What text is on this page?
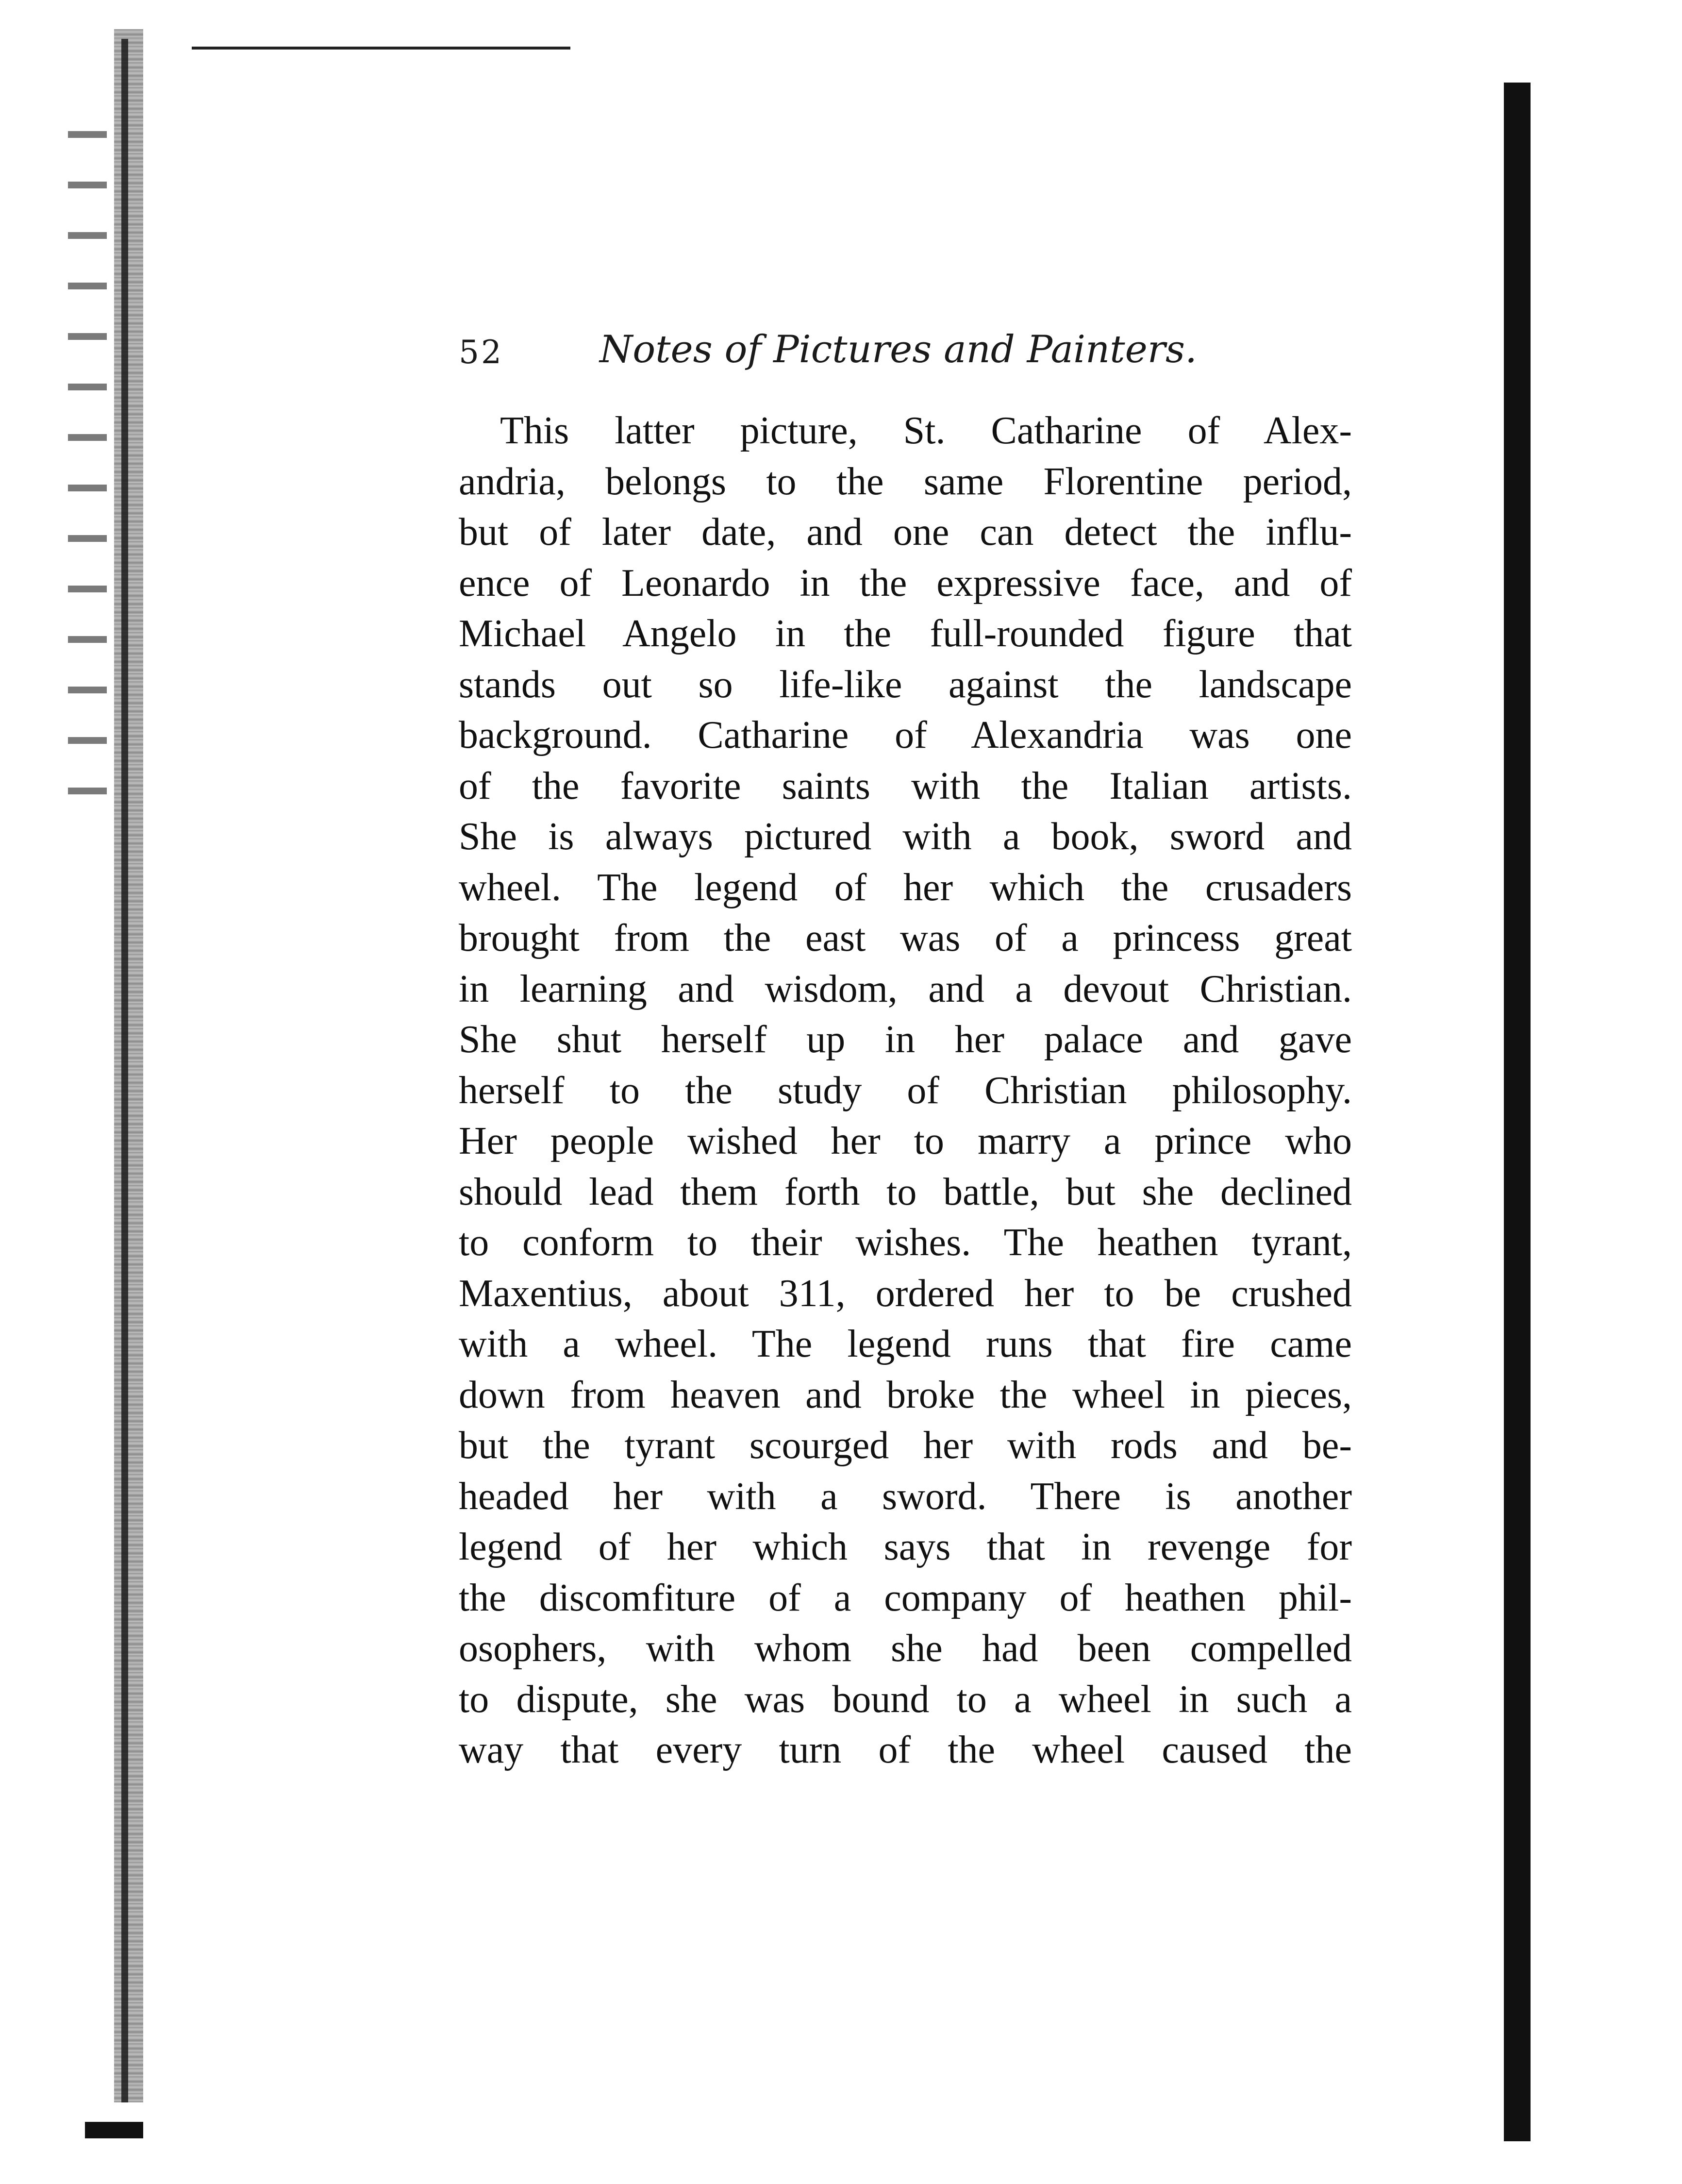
52	Notes of Pictures and Painters.
This latter picture, St. Catharine of Alex-
andria, belongs to the same Florentine period,
but of later date, and one can detect the influ-
ence of Leonardo in the expressive face, and of
Michael Angelo in the full-rounded figure that
stands out so life-like against the landscape
background. Catharine of Alexandria was one
of the favorite saints with the Italian artists.
She is always pictured with a book, sword and
wheel. The legend of her which the crusaders
brought from the east was of a princess great
in learning and wisdom, and a devout Christian.
She shut herself up in her palace and gave
herself to the study of Christian philosophy.
Her people wished her to marry a prince who
should lead them forth to battle, but she declined
to conform to their wishes. The heathen tyrant,
Maxentius, about 311, ordered her to be crushed
with a wheel. The legend runs that fire came
down from heaven and broke the wheel in pieces,
but the tyrant scourged her with rods and be-
headed her with a sword. There is another
legend of her which says that in revenge for
the discomfiture of a company of heathen phil-
osophers, with whom she had been compelled
to dispute, she was bound to a wheel in such a
way that every turn of the wheel caused the
